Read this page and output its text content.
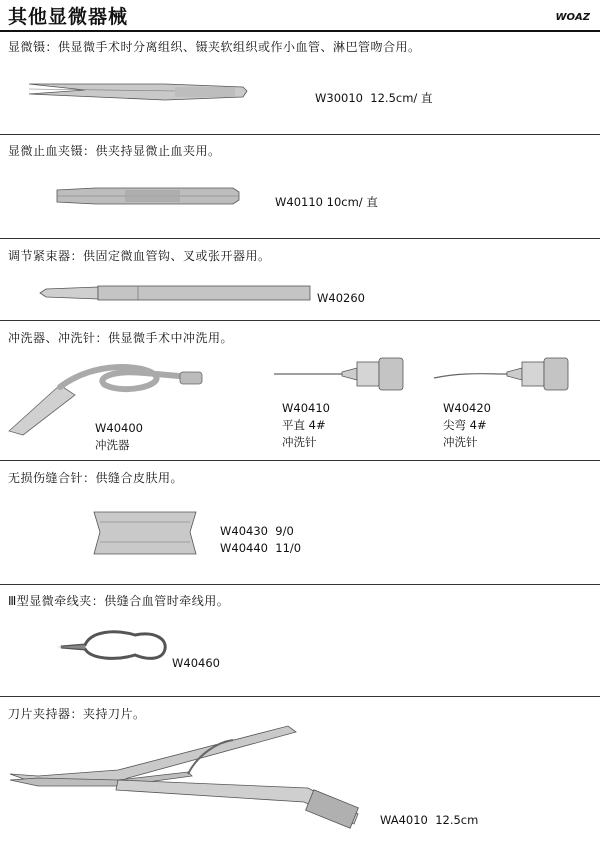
其他显微器械	WOAZ
显微镊：供显微手术时分离组织、镊夹软组织或作小血管、淋巴管吻合用。
W30010 12.5cm/ 直
显微止血夹镊：供夹持显微止血夹用。
W40110 10cm/ 直
调节紧束器：供固定微血管钩、叉或张开器用。
W40260
冲洗器、冲洗针：供显微手术中冲洗用。
W40400
冲洗器
W40410
平直 4#
冲洗针
W40420
尖弯 4#
冲洗针
无损伤缝合针：供缝合皮肤用。
W40430 9/0
W40440 11/0
Ⅲ型显微牵线夹：供缝合血管时牵线用。
W40460
刀片夹持器：夹持刀片。
WA4010 12.5cm
